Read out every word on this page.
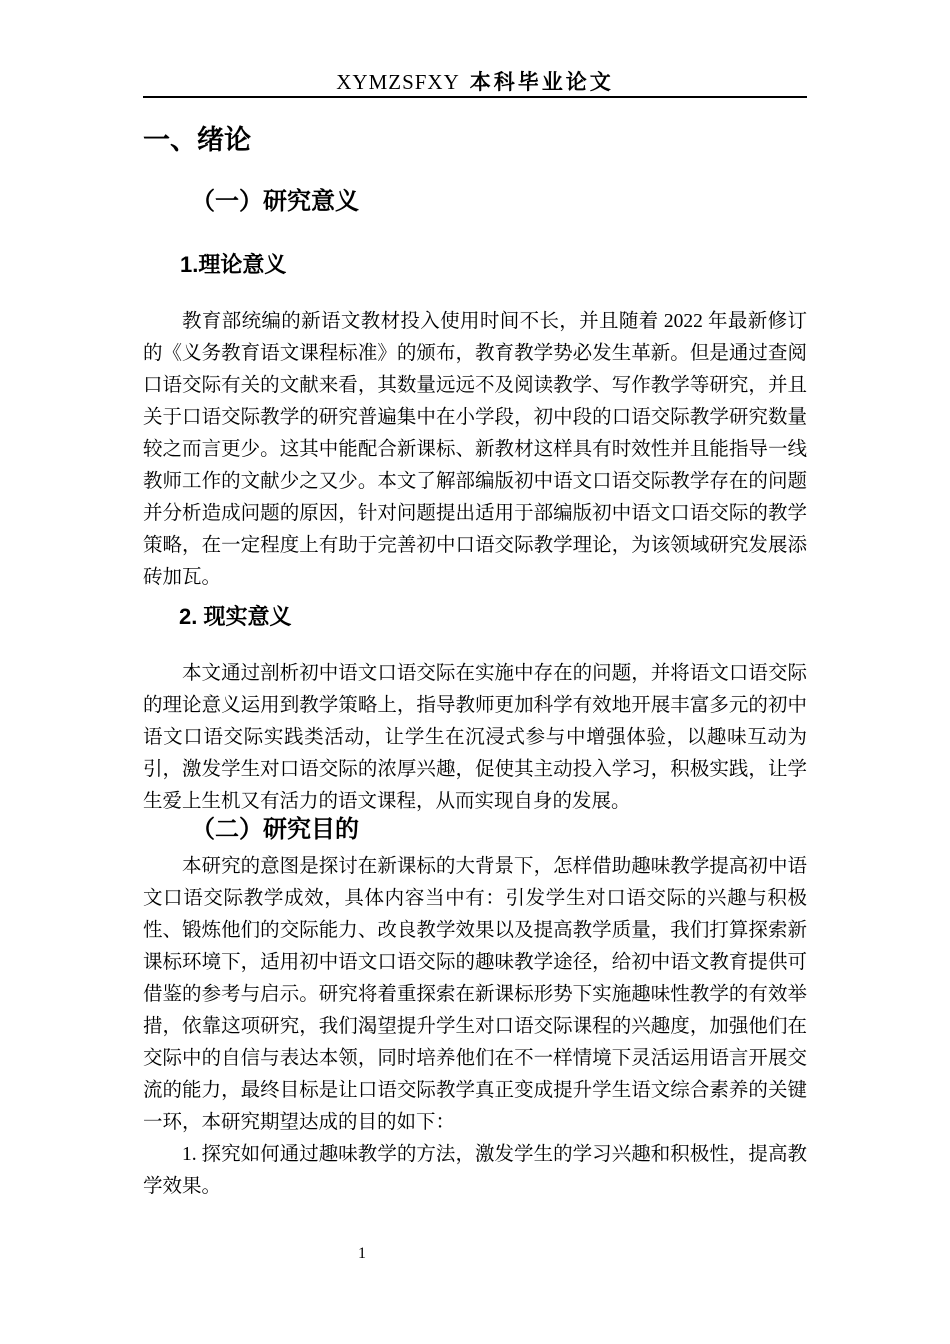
XYMZSFXY 本科毕业论文
一、绪论
（一）研究意义
1.理论意义

教育部统编的新语文教材投入使用时间不长，并且随着 2022 年最新修订的《义务教育语文课程标准》的颁布，教育教学势必发生革新。但是通过查阅口语交际有关的文献来看，其数量远远不及阅读教学、写作教学等研究，并且关于口语交际教学的研究普遍集中在小学段，初中段的口语交际教学研究数量较之而言更少。这其中能配合新课标、新教材这样具有时效性并且能指导一线教师工作的文献少之又少。本文了解部编版初中语文口语交际教学存在的问题并分析造成问题的原因，针对问题提出适用于部编版初中语文口语交际的教学策略，在一定程度上有助于完善初中口语交际教学理论，为该领域研究发展添砖加瓦。

2. 现实意义

本文通过剖析初中语文口语交际在实施中存在的问题，并将语文口语交际的理论意义运用到教学策略上，指导教师更加科学有效地开展丰富多元的初中语文口语交际实践类活动，让学生在沉浸式参与中增强体验，以趣味互动为引，激发学生对口语交际的浓厚兴趣，促使其主动投入学习，积极实践，让学生爱上生机又有活力的语文课程，从而实现自身的发展。

（二）研究目的

本研究的意图是探讨在新课标的大背景下，怎样借助趣味教学提高初中语文口语交际教学成效，具体内容当中有：引发学生对口语交际的兴趣与积极性、锻炼他们的交际能力、改良教学效果以及提高教学质量，我们打算探索新课标环境下，适用初中语文口语交际的趣味教学途径，给初中语文教育提供可借鉴的参考与启示。研究将着重探索在新课标形势下实施趣味性教学的有效举措，依靠这项研究，我们渴望提升学生对口语交际课程的兴趣度，加强他们在交际中的自信与表达本领，同时培养他们在不一样情境下灵活运用语言开展交流的能力，最终目标是让口语交际教学真正变成提升学生语文综合素养的关键一环，本研究期望达成的目的如下：

1. 探究如何通过趣味教学的方法，激发学生的学习兴趣和积极性，提高教学效果。

1
